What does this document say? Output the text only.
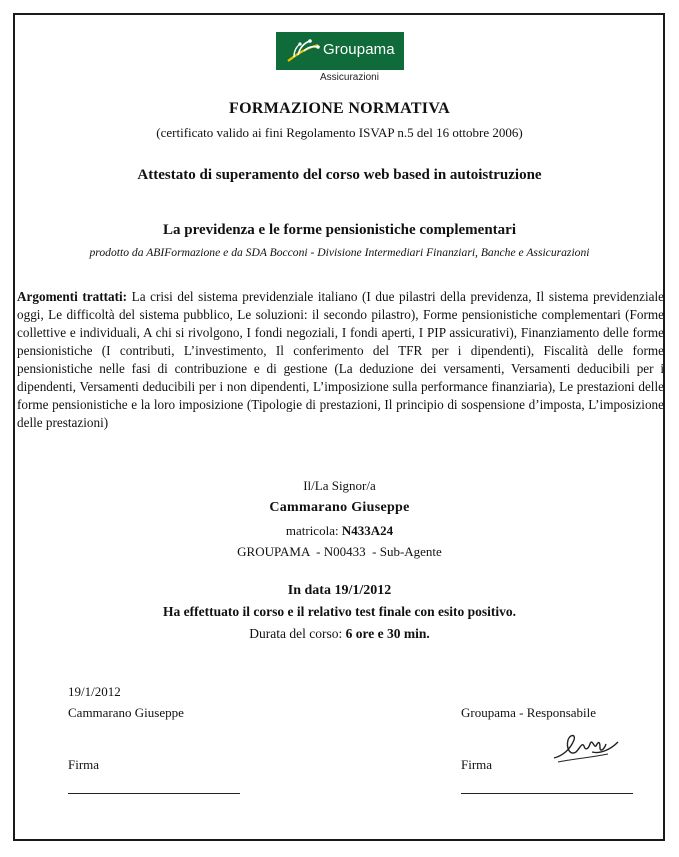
Groupama
Assicurazioni
FORMAZIONE NORMATIVA
(certificato valido ai fini Regolamento ISVAP n.5 del 16 ottobre 2006)
Attestato di superamento del corso web based in autoistruzione
La previdenza e le forme pensionistiche complementari
prodotto da ABIFormazione e da SDA Bocconi - Divisione Intermediari Finanziari, Banche e Assicurazioni
Argomenti trattati: La crisi del sistema previdenziale italiano (I due pilastri della previdenza, Il sistema previdenziale oggi, Le difficoltà del sistema pubblico, Le soluzioni: il secondo pilastro), Forme pensionistiche complementari (Forme collettive e individuali, A chi si rivolgono, I fondi negoziali, I fondi aperti, I PIP assicurativi), Finanziamento delle forme pensionistiche (I contributi, L’investimento, Il conferimento del TFR per i dipendenti), Fiscalità delle forme pensionistiche nelle fasi di contribuzione e di gestione (La deduzione dei versamenti, Versamenti deducibili per i dipendenti, Versamenti deducibili per i non dipendenti, L’imposizione sulla performance finanziaria), Le prestazioni delle forme pensionistiche e la loro imposizione (Tipologie di prestazioni, Il principio di sospensione d’imposta, L’imposizione delle prestazioni)
Il/La Signor/a
Cammarano Giuseppe
matricola: N433A24
GROUPAMA  - N00433  - Sub-Agente
In data 19/1/2012
Ha effettuato il corso e il relativo test finale con esito positivo.
Durata del corso: 6 ore e 30 min.
19/1/2012
Cammarano Giuseppe	Groupama - Responsabile
Firma	Firma
